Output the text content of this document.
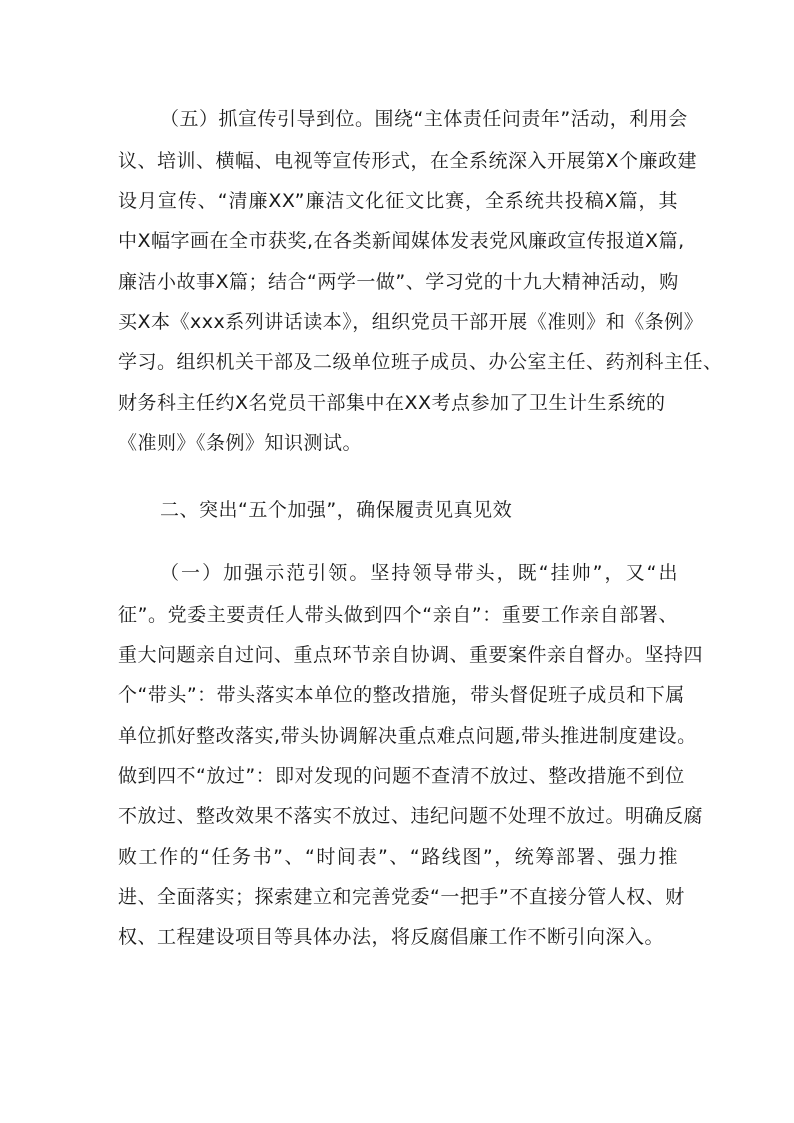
（五）抓宣传引导到位。围绕“主体责任问责年”活动，利用会

议、培训、横幅、电视等宣传形式，在全系统深入开展第X个廉政建

设月宣传、“清廉XX”廉洁文化征文比赛，全系统共投稿X篇，其

中X幅字画在全市获奖,在各类新闻媒体发表党风廉政宣传报道X篇,

廉洁小故事X篇；结合“两学一做”、学习党的十九大精神活动，购

买X本《xxx系列讲话读本》，组织党员干部开展《准则》和《条例》

学习。组织机关干部及二级单位班子成员、办公室主任、药剂科主任、

财务科主任约X名党员干部集中在XX考点参加了卫生计生系统的

《准则》《条例》知识测试。

二、突出“五个加强”，确保履责见真见效

（一）加强示范引领。坚持领导带头，既“挂帅”，又“出

征”。党委主要责任人带头做到四个“亲自”：重要工作亲自部署、

重大问题亲自过问、重点环节亲自协调、重要案件亲自督办。坚持四

个“带头”：带头落实本单位的整改措施，带头督促班子成员和下属

单位抓好整改落实,带头协调解决重点难点问题,带头推进制度建设。

做到四不“放过”：即对发现的问题不查清不放过、整改措施不到位

不放过、整改效果不落实不放过、违纪问题不处理不放过。明确反腐

败工作的“任务书”、“时间表”、“路线图”，统筹部署、强力推

进、全面落实；探索建立和完善党委“一把手”不直接分管人权、财

权、工程建设项目等具体办法，将反腐倡廉工作不断引向深入。
